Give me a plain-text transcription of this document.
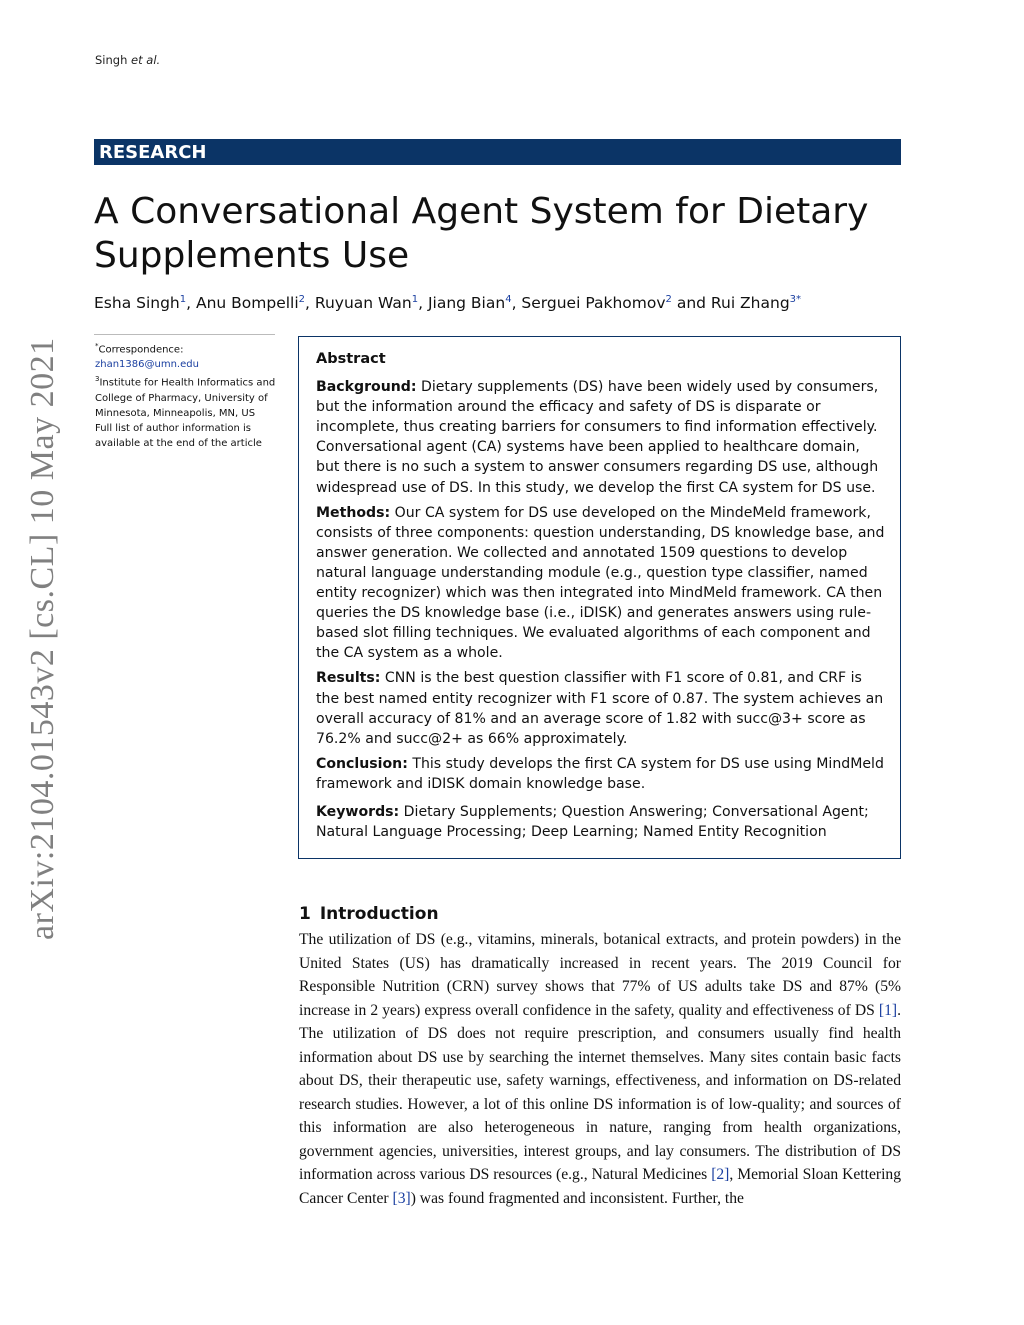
Singh et al.
RESEARCH
A Conversational Agent System for Dietary Supplements Use
Esha Singh$^1$, Anu Bompelli$^2$, Ruyuan Wan$^1$, Jiang Bian$^4$, Serguei Pakhomov$^2$ and Rui Zhang$^{3*}$
*Correspondence:
zhan1386@umn.edu
$^3$Institute for Health Informatics and College of Pharmacy, University of Minnesota, Minneapolis, MN, US
Full list of author information is available at the end of the article
arXiv:2104.01543v2 [cs.CL] 10 May 2021	Abstract

Background: Dietary supplements (DS) have been widely used by consumers, but the information around the efficacy and safety of DS is disparate or incomplete, thus creating barriers for consumers to find information effectively. Conversational agent (CA) systems have been applied to healthcare domain, but there is no such a system to answer consumers regarding DS use, although widespread use of DS. In this study, we develop the first CA system for DS use.

Methods: Our CA system for DS use developed on the MindeMeld framework, consists of three components: question understanding, DS knowledge base, and answer generation. We collected and annotated 1509 questions to develop natural language understanding module (e.g., question type classifier, named entity recognizer) which was then integrated into MindMeld framework. CA then queries the DS knowledge base (i.e., iDISK) and generates answers using rule-based slot filling techniques. We evaluated algorithms of each component and the CA system as a whole.

Results: CNN is the best question classifier with F1 score of 0.81, and CRF is the best named entity recognizer with F1 score of 0.87. The system achieves an overall accuracy of 81% and an average score of 1.82 with succ@3+ score as 76.2% and succ@2+ as 66% approximately.

Conclusion: This study develops the first CA system for DS use using MindMeld framework and iDISK domain knowledge base.

Keywords: Dietary Supplements; Question Answering; Conversational Agent; Natural Language Processing; Deep Learning; Named Entity Recognition

1 Introduction

The utilization of DS (e.g., vitamins, minerals, botanical extracts, and protein powders) in the United States (US) has dramatically increased in recent years. The 2019 Council for Responsible Nutrition (CRN) survey shows that 77% of US adults take DS and 87% (5% increase in 2 years) express overall confidence in the safety, quality and effectiveness of DS [1]. The utilization of DS does not require prescription, and consumers usually find health information about DS use by searching the internet themselves. Many sites contain basic facts about DS, their therapeutic use, safety warnings, effectiveness, and information on DS-related research studies. However, a lot of this online DS information is of low-quality; and sources of this information are also heterogeneous in nature, ranging from health organizations, government agencies, universities, interest groups, and lay consumers. The distribution of DS information across various DS resources (e.g., Natural Medicines [2], Memorial Sloan Kettering Cancer Center [3]) was found fragmented and inconsistent. Further, the
